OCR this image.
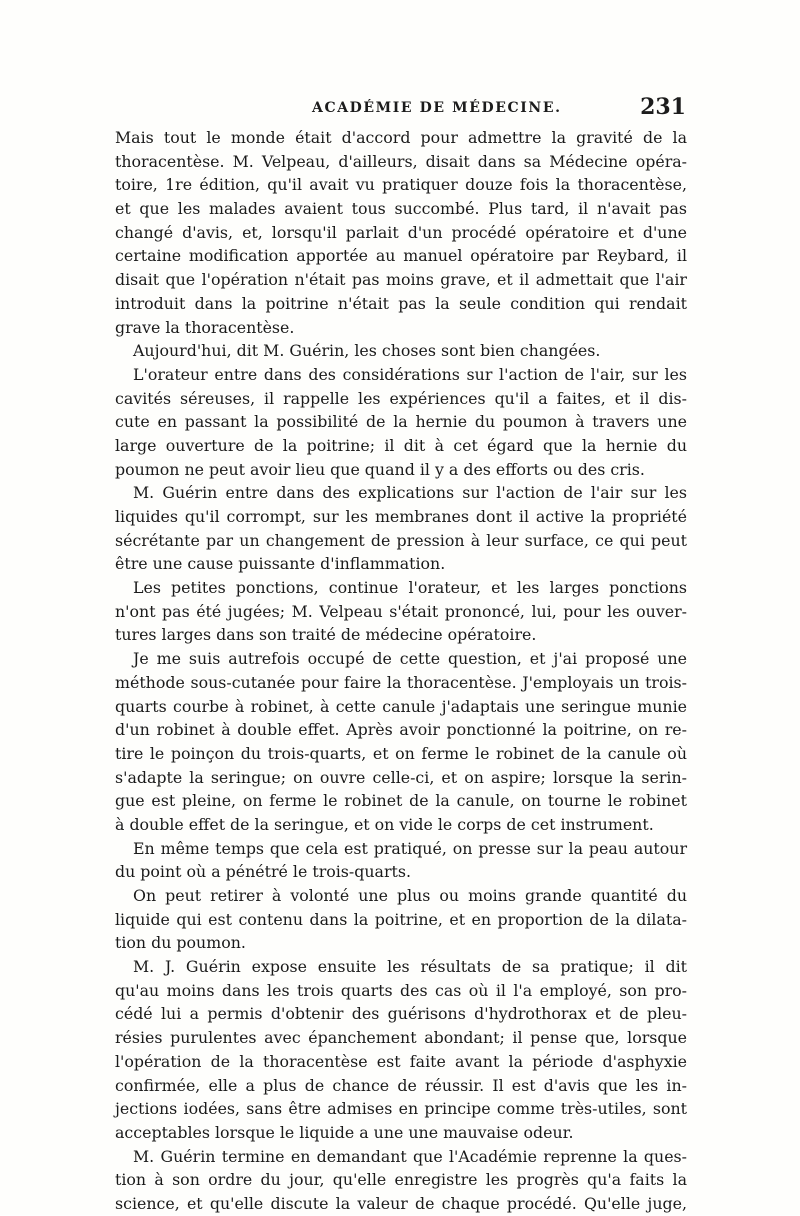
ACADÉMIE DE MÉDECINE.	231
Mais tout le monde était d'accord pour admettre la gravité de la
thoracentèse. M. Velpeau, d'ailleurs, disait dans sa Médecine opéra-
toire, 1re édition, qu'il avait vu pratiquer douze fois la thoracentèse,
et que les malades avaient tous succombé. Plus tard, il n'avait pas
changé d'avis, et, lorsqu'il parlait d'un procédé opératoire et d'une
certaine modification apportée au manuel opératoire par Reybard, il
disait que l'opération n'était pas moins grave, et il admettait que l'air
introduit dans la poitrine n'était pas la seule condition qui rendait
grave la thoracentèse.
Aujourd'hui, dit M. Guérin, les choses sont bien changées.
L'orateur entre dans des considérations sur l'action de l'air, sur les
cavités séreuses, il rappelle les expériences qu'il a faites, et il dis-
cute en passant la possibilité de la hernie du poumon à travers une
large ouverture de la poitrine; il dit à cet égard que la hernie du
poumon ne peut avoir lieu que quand il y a des efforts ou des cris.
M. Guérin entre dans des explications sur l'action de l'air sur les
liquides qu'il corrompt, sur les membranes dont il active la propriété
sécrétante par un changement de pression à leur surface, ce qui peut
être une cause puissante d'inflammation.
Les petites ponctions, continue l'orateur, et les larges ponctions
n'ont pas été jugées; M. Velpeau s'était prononcé, lui, pour les ouver-
tures larges dans son traité de médecine opératoire.
Je me suis autrefois occupé de cette question, et j'ai proposé une
méthode sous-cutanée pour faire la thoracentèse. J'employais un trois-
quarts courbe à robinet, à cette canule j'adaptais une seringue munie
d'un robinet à double effet. Après avoir ponctionné la poitrine, on re-
tire le poinçon du trois-quarts, et on ferme le robinet de la canule où
s'adapte la seringue; on ouvre celle-ci, et on aspire; lorsque la serin-
gue est pleine, on ferme le robinet de la canule, on tourne le robinet
à double effet de la seringue, et on vide le corps de cet instrument.
En même temps que cela est pratiqué, on presse sur la peau autour
du point où a pénétré le trois-quarts.
On peut retirer à volonté une plus ou moins grande quantité du
liquide qui est contenu dans la poitrine, et en proportion de la dilata-
tion du poumon.
M. J. Guérin expose ensuite les résultats de sa pratique; il dit
qu'au moins dans les trois quarts des cas où il l'a employé, son pro-
cédé lui a permis d'obtenir des guérisons d'hydrothorax et de pleu-
résies purulentes avec épanchement abondant; il pense que, lorsque
l'opération de la thoracentèse est faite avant la période d'asphyxie
confirmée, elle a plus de chance de réussir. Il est d'avis que les in-
jections iodées, sans être admises en principe comme très-utiles, sont
acceptables lorsque le liquide a une une mauvaise odeur.
M. Guérin termine en demandant que l'Académie reprenne la ques-
tion à son ordre du jour, qu'elle enregistre les progrès qu'a faits la
science, et qu'elle discute la valeur de chaque procédé. Qu'elle juge,
